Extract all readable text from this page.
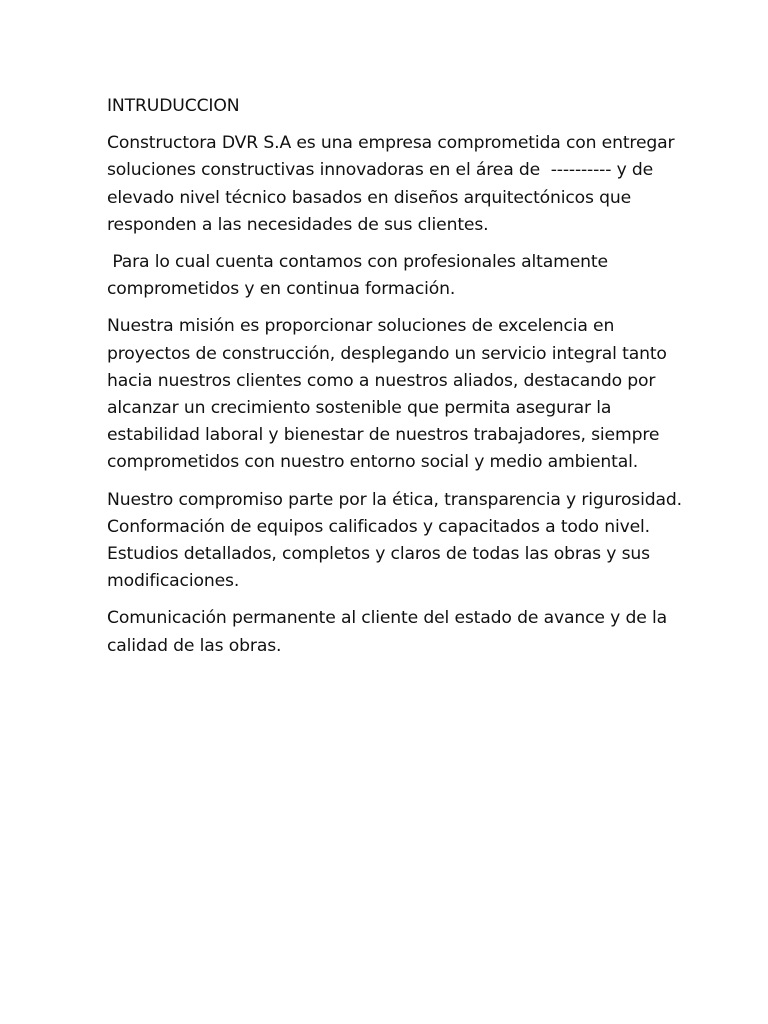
INTRUDUCCION

Constructora DVR S.A es una empresa comprometida con entregar
soluciones constructivas innovadoras en el área de  ---------- y de
elevado nivel técnico basados en diseños arquitectónicos que
responden a las necesidades de sus clientes.

Para lo cual cuenta contamos con profesionales altamente
comprometidos y en continua formación.

Nuestra misión es proporcionar soluciones de excelencia en
proyectos de construcción, desplegando un servicio integral tanto
hacia nuestros clientes como a nuestros aliados, destacando por
alcanzar un crecimiento sostenible que permita asegurar la
estabilidad laboral y bienestar de nuestros trabajadores, siempre
comprometidos con nuestro entorno social y medio ambiental.

Nuestro compromiso parte por la ética, transparencia y rigurosidad.
Conformación de equipos calificados y capacitados a todo nivel.
Estudios detallados, completos y claros de todas las obras y sus
modificaciones.

Comunicación permanente al cliente del estado de avance y de la
calidad de las obras.
